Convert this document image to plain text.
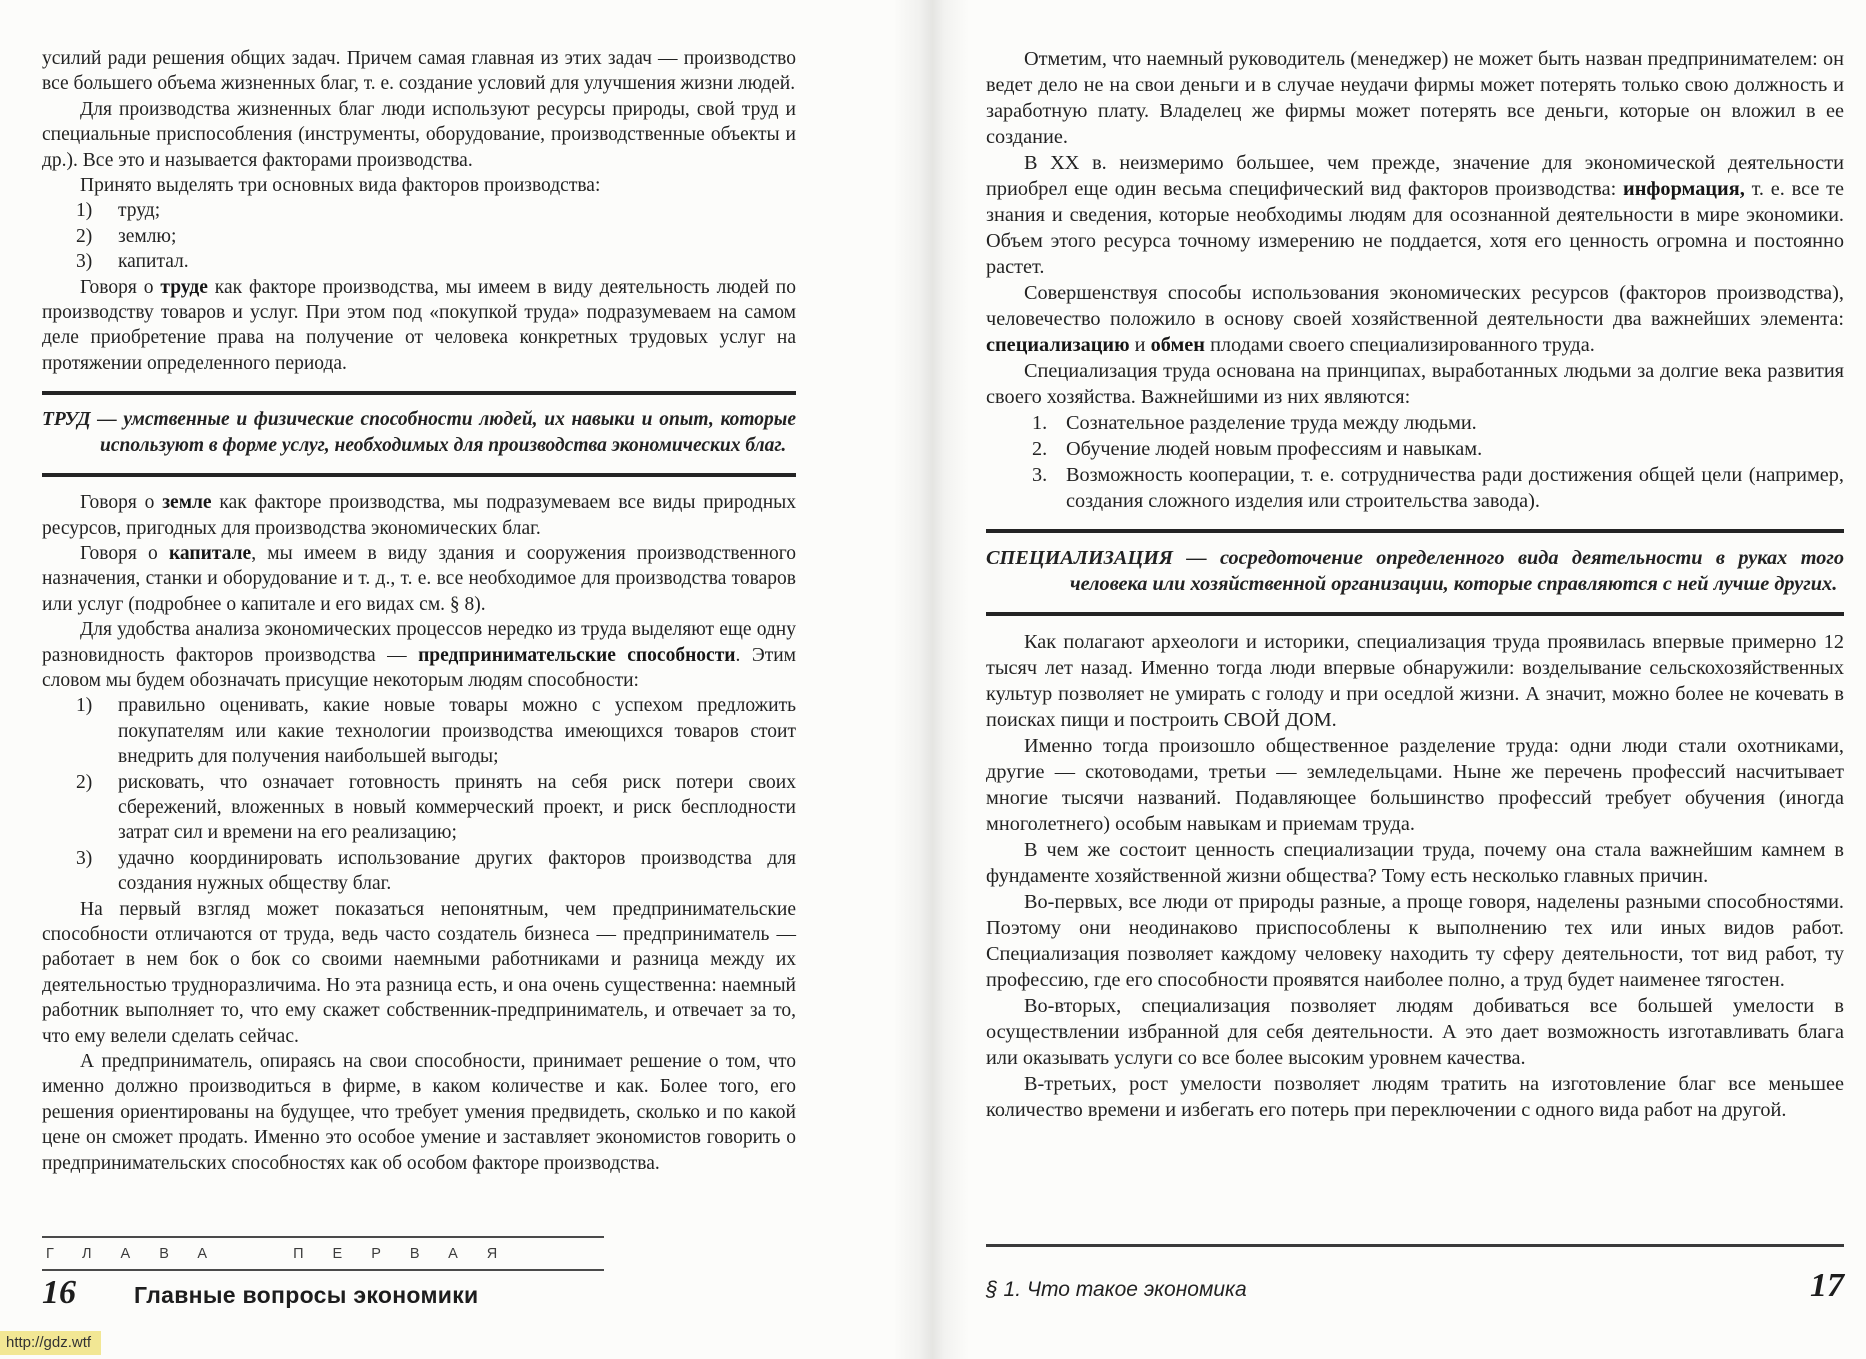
усилий ради решения общих задач. Причем самая главная из этих задач — производство все большего объема жизненных благ, т. е. создание условий для улучшения жизни людей.

Для производства жизненных благ люди используют ресурсы природы, свой труд и специальные приспособления (инструменты, оборудование, производственные объекты и др.). Все это и называется факторами производства.

Принято выделять три основных вида факторов производства:

1) труд;
2) землю;
3) капитал.

Говоря о труде как факторе производства, мы имеем в виду деятельность людей по производству товаров и услуг. При этом под «покупкой труда» подразумеваем на самом деле приобретение права на получение от человека конкретных трудовых услуг на протяжении определенного периода.

ТРУД — умственные и физические способности людей, их навыки и опыт, которые используют в форме услуг, необходимых для производства экономических благ.

Говоря о земле как факторе производства, мы подразумеваем все виды природных ресурсов, пригодных для производства экономических благ.

Говоря о капитале, мы имеем в виду здания и сооружения производственного назначения, станки и оборудование и т. д., т. е. все необходимое для производства товаров или услуг (подробнее о капитале и его видах см. § 8).

Для удобства анализа экономических процессов нередко из труда выделяют еще одну разновидность факторов производства — предпринимательские способности. Этим словом мы будем обозначать присущие некоторым людям способности:

1) правильно оценивать, какие новые товары можно с успехом предложить покупателям или какие технологии производства имеющихся товаров стоит внедрить для получения наибольшей выгоды;
2) рисковать, что означает готовность принять на себя риск потери своих сбережений, вложенных в новый коммерческий проект, и риск бесплодности затрат сил и времени на его реализацию;
3) удачно координировать использование других факторов производства для создания нужных обществу благ.

На первый взгляд может показаться непонятным, чем предпринимательские способности отличаются от труда, ведь часто создатель бизнеса — предприниматель — работает в нем бок о бок со своими наемными работниками и разница между их деятельностью трудноразличима. Но эта разница есть, и она очень существенна: наемный работник выполняет то, что ему скажет собственник-предприниматель, и отвечает за то, что ему велели сделать сейчас.

А предприниматель, опираясь на свои способности, принимает решение о том, что именно должно производиться в фирме, в каком количестве и как. Более того, его решения ориентированы на будущее, что требует умения предвидеть, сколько и по какой цене он сможет продать. Именно это особое умение и заставляет экономистов говорить о предпринимательских способностях как об особом факторе производства.

Отметим, что наемный руководитель (менеджер) не может быть назван предпринимателем: он ведет дело не на свои деньги и в случае неудачи фирмы может потерять только свою должность и заработную плату. Владелец же фирмы может потерять все деньги, которые он вложил в ее создание.

В XX в. неизмеримо большее, чем прежде, значение для экономической деятельности приобрел еще один весьма специфический вид факторов производства: информация, т. е. все те знания и сведения, которые необходимы людям для осознанной деятельности в мире экономики. Объем этого ресурса точному измерению не поддается, хотя его ценность огромна и постоянно растет.

Совершенствуя способы использования экономических ресурсов (факторов производства), человечество положило в основу своей хозяйственной деятельности два важнейших элемента: специализацию и обмен плодами своего специализированного труда.

Специализация труда основана на принципах, выработанных людьми за долгие века развития своего хозяйства. Важнейшими из них являются:

1. Сознательное разделение труда между людьми.
2. Обучение людей новым профессиям и навыкам.
3. Возможность кооперации, т. е. сотрудничества ради достижения общей цели (например, создания сложного изделия или строительства завода).

СПЕЦИАЛИЗАЦИЯ — сосредоточение определенного вида деятельности в руках того человека или хозяйственной организации, которые справляются с ней лучше других.

Как полагают археологи и историки, специализация труда проявилась впервые примерно 12 тысяч лет назад. Именно тогда люди впервые обнаружили: возделывание сельскохозяйственных культур позволяет не умирать с голоду и при оседлой жизни. А значит, можно более не кочевать в поисках пищи и построить СВОЙ ДОМ.

Именно тогда произошло общественное разделение труда: одни люди стали охотниками, другие — скотоводами, третьи — земледельцами. Ныне же перечень профессий насчитывает многие тысячи названий. Подавляющее большинство профессий требует обучения (иногда многолетнего) особым навыкам и приемам труда.

В чем же состоит ценность специализации труда, почему она стала важнейшим камнем в фундаменте хозяйственной жизни общества? Тому есть несколько главных причин.

Во-первых, все люди от природы разные, а проще говоря, наделены разными способностями. Поэтому они неодинаково приспособлены к выполнению тех или иных видов работ. Специализация позволяет каждому человеку находить ту сферу деятельности, тот вид работ, ту профессию, где его способности проявятся наиболее полно, а труд будет наименее тягостен.

Во-вторых, специализация позволяет людям добиваться все большей умелости в осуществлении избранной для себя деятельности. А это дает возможность изготавливать блага или оказывать услуги со все более высоким уровнем качества.

В-третьих, рост умелости позволяет людям тратить на изготовление благ все меньшее количество времени и избегать его потерь при переключении с одного вида работ на другой.

ГЛАВА ПЕРВАЯ
16	Главные вопросы экономики	§ 1. Что такое экономика	17
http://gdz.wtf
